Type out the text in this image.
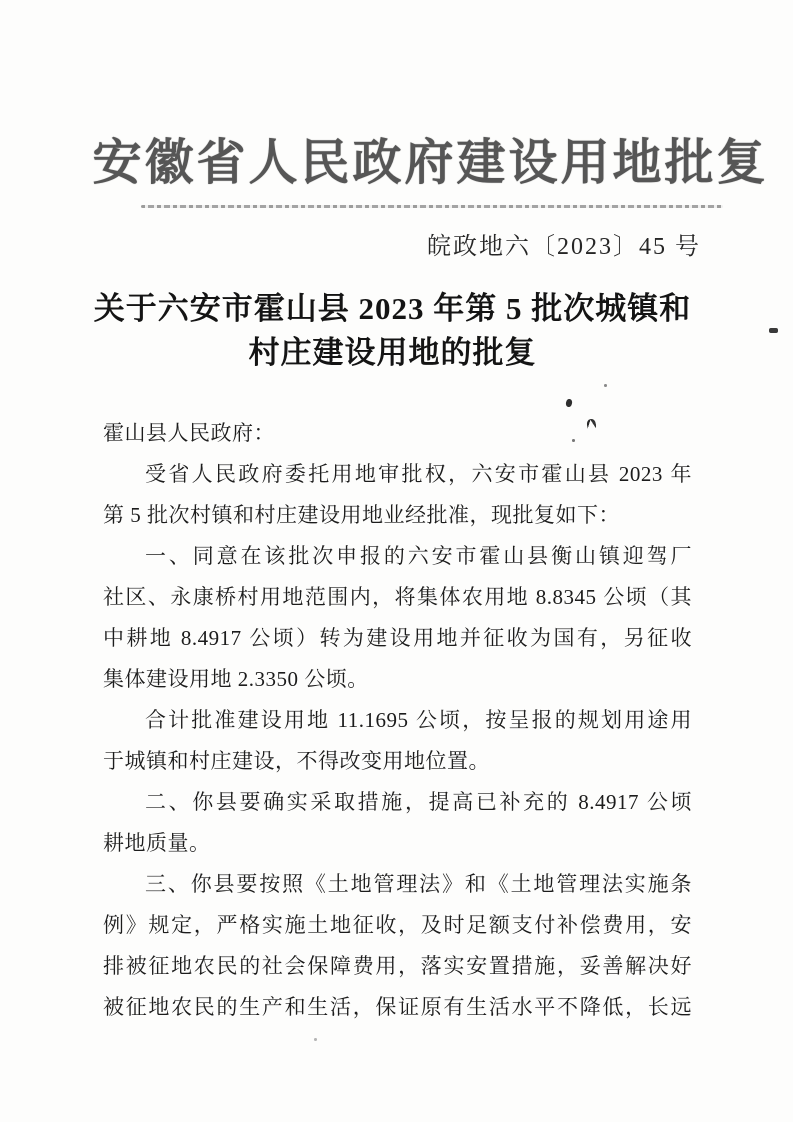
安徽省人民政府建设用地批复
皖政地六〔2023〕45 号
关于六安市霍山县 2023 年第 5 批次城镇和
村庄建设用地的批复
霍山县人民政府：
受省人民政府委托用地审批权，六安市霍山县 2023 年
第 5 批次村镇和村庄建设用地业经批准，现批复如下：
一、同意在该批次申报的六安市霍山县衡山镇迎驾厂
社区、永康桥村用地范围内，将集体农用地 8.8345 公顷（其
中耕地 8.4917 公顷）转为建设用地并征收为国有，另征收
集体建设用地 2.3350 公顷。
合计批准建设用地 11.1695 公顷，按呈报的规划用途用
于城镇和村庄建设，不得改变用地位置。
二、你县要确实采取措施，提高已补充的 8.4917 公顷
耕地质量。
三、你县要按照《土地管理法》和《土地管理法实施条
例》规定，严格实施土地征收，及时足额支付补偿费用，安
排被征地农民的社会保障费用，落实安置措施，妥善解决好
被征地农民的生产和生活，保证原有生活水平不降低，长远
